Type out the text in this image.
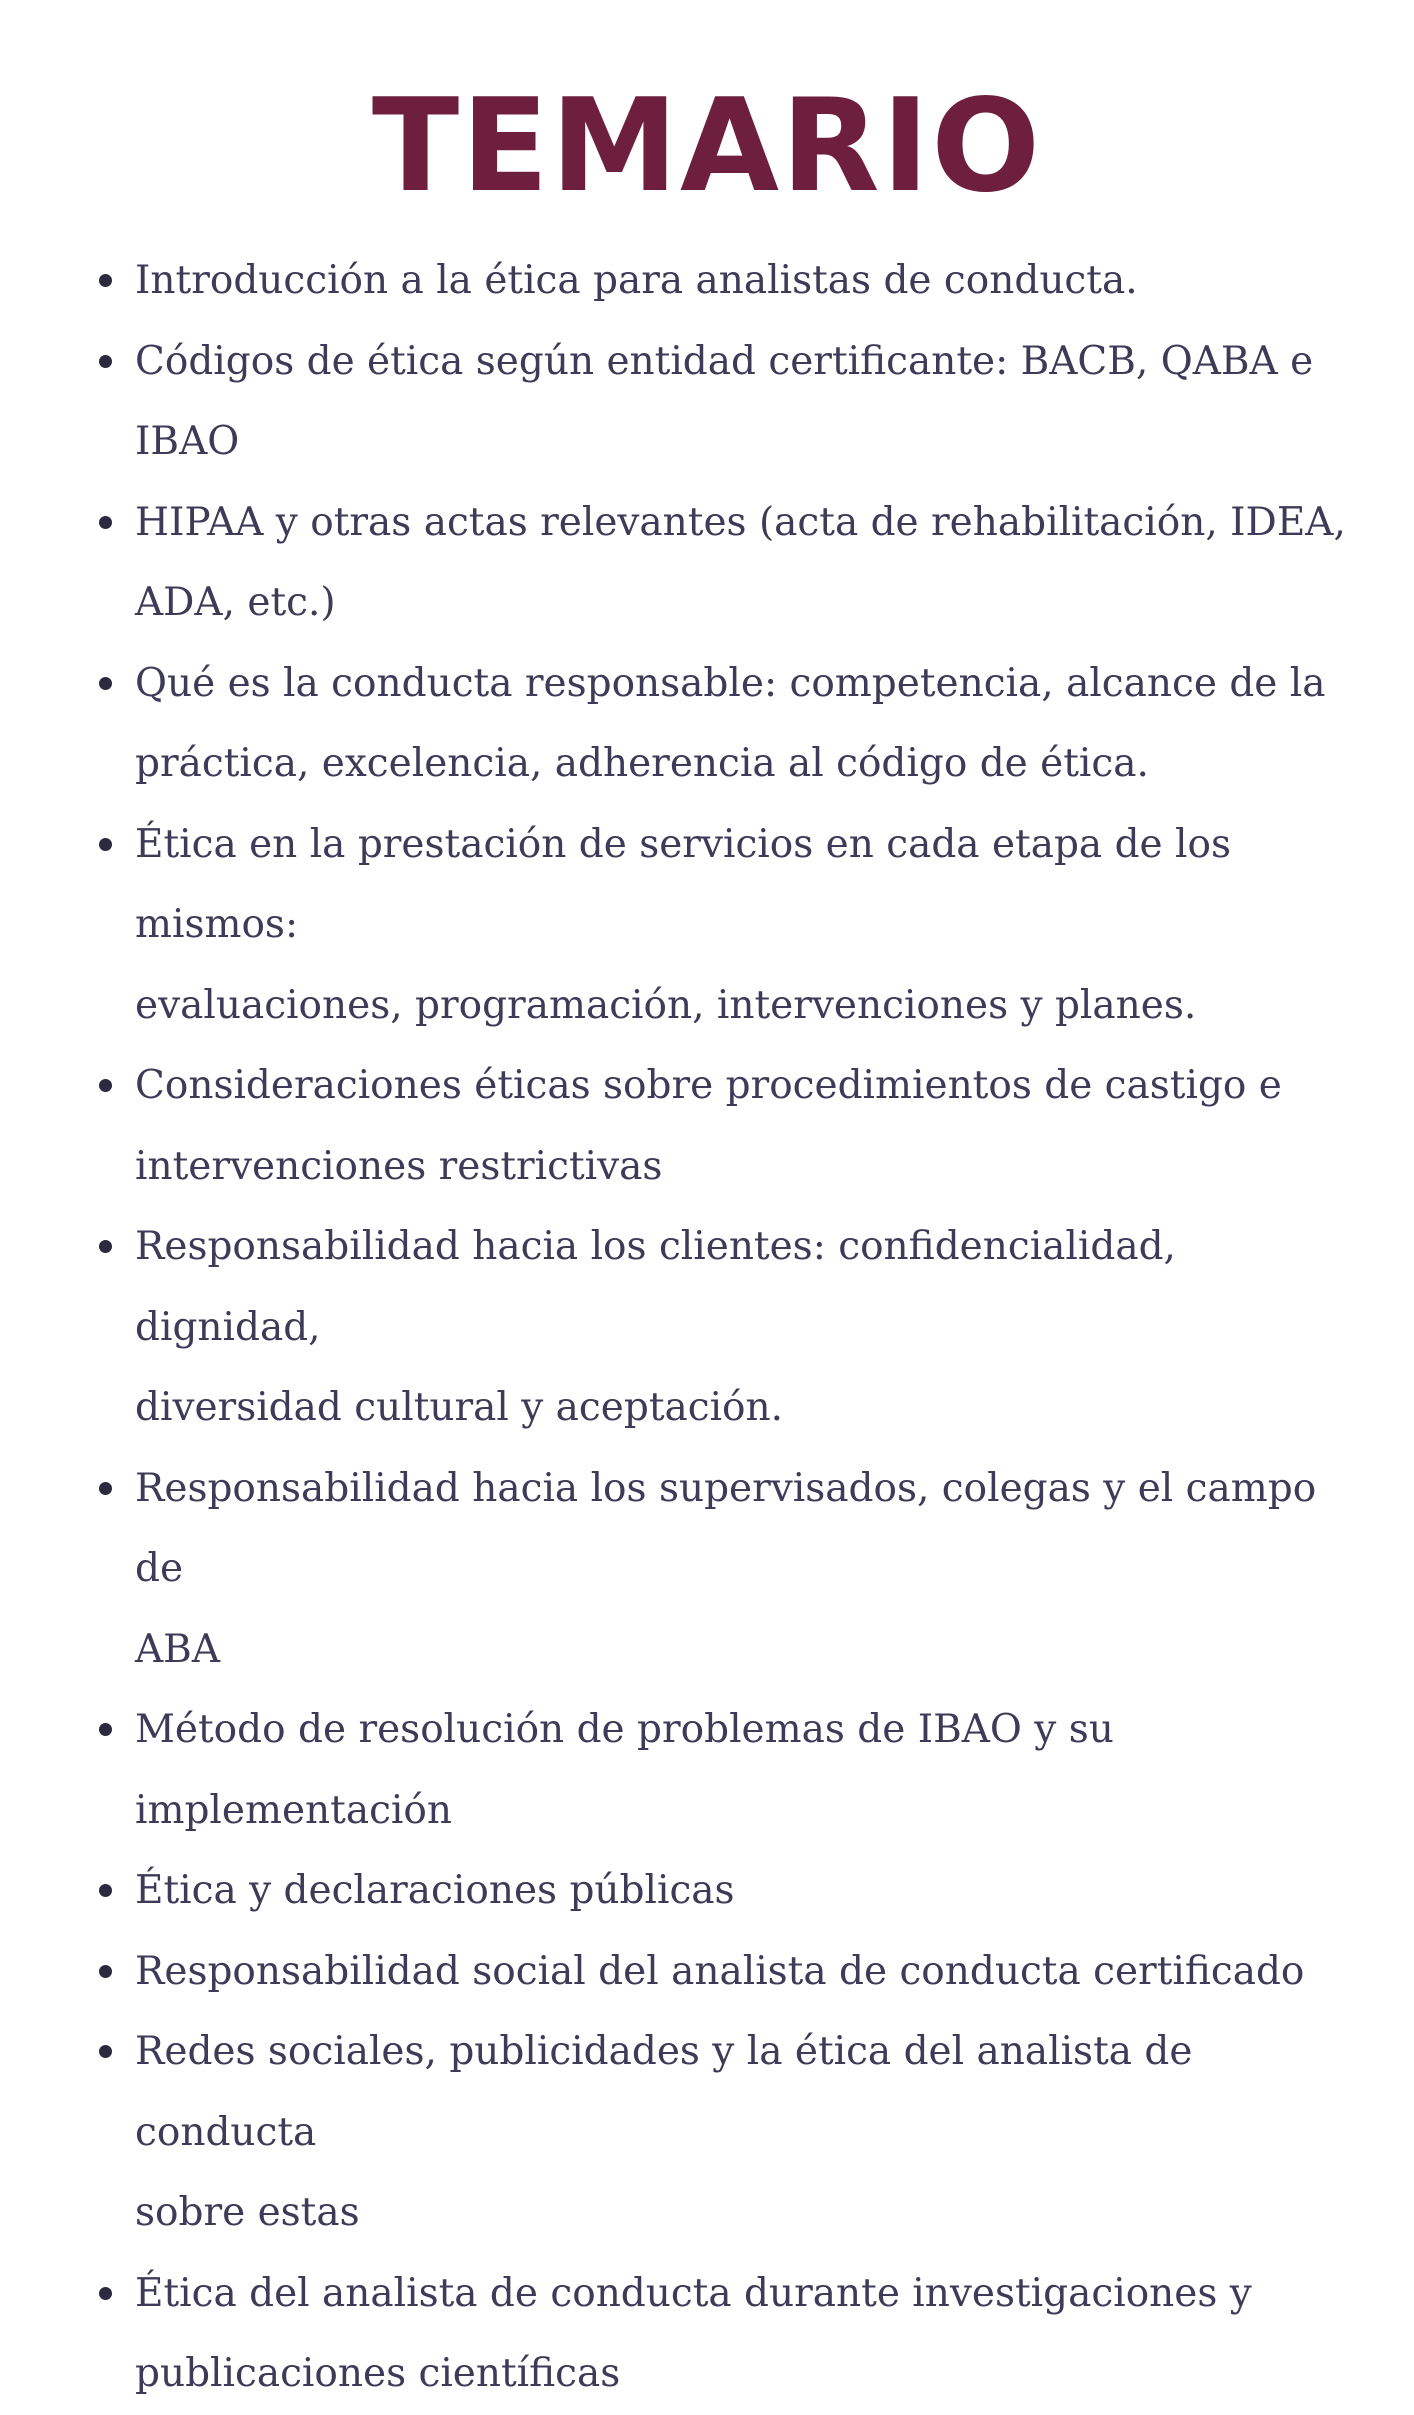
TEMARIO
Introducción a la ética para analistas de conducta.
Códigos de ética según entidad certificante: BACB, QABA e IBAO
HIPAA y otras actas relevantes (acta de rehabilitación, IDEA,
ADA, etc.)
Qué es la conducta responsable: competencia, alcance de la
práctica, excelencia, adherencia al código de ética.
Ética en la prestación de servicios en cada etapa de los mismos:
evaluaciones, programación, intervenciones y planes.
Consideraciones éticas sobre procedimientos de castigo e
intervenciones restrictivas
Responsabilidad hacia los clientes: confidencialidad, dignidad,
diversidad cultural y aceptación.
Responsabilidad hacia los supervisados, colegas y el campo de
ABA
Método de resolución de problemas de IBAO y su
implementación
Ética y declaraciones públicas
Responsabilidad social del analista de conducta certificado
Redes sociales, publicidades y la ética del analista de conducta
sobre estas
Ética del analista de conducta durante investigaciones y
publicaciones científicas
